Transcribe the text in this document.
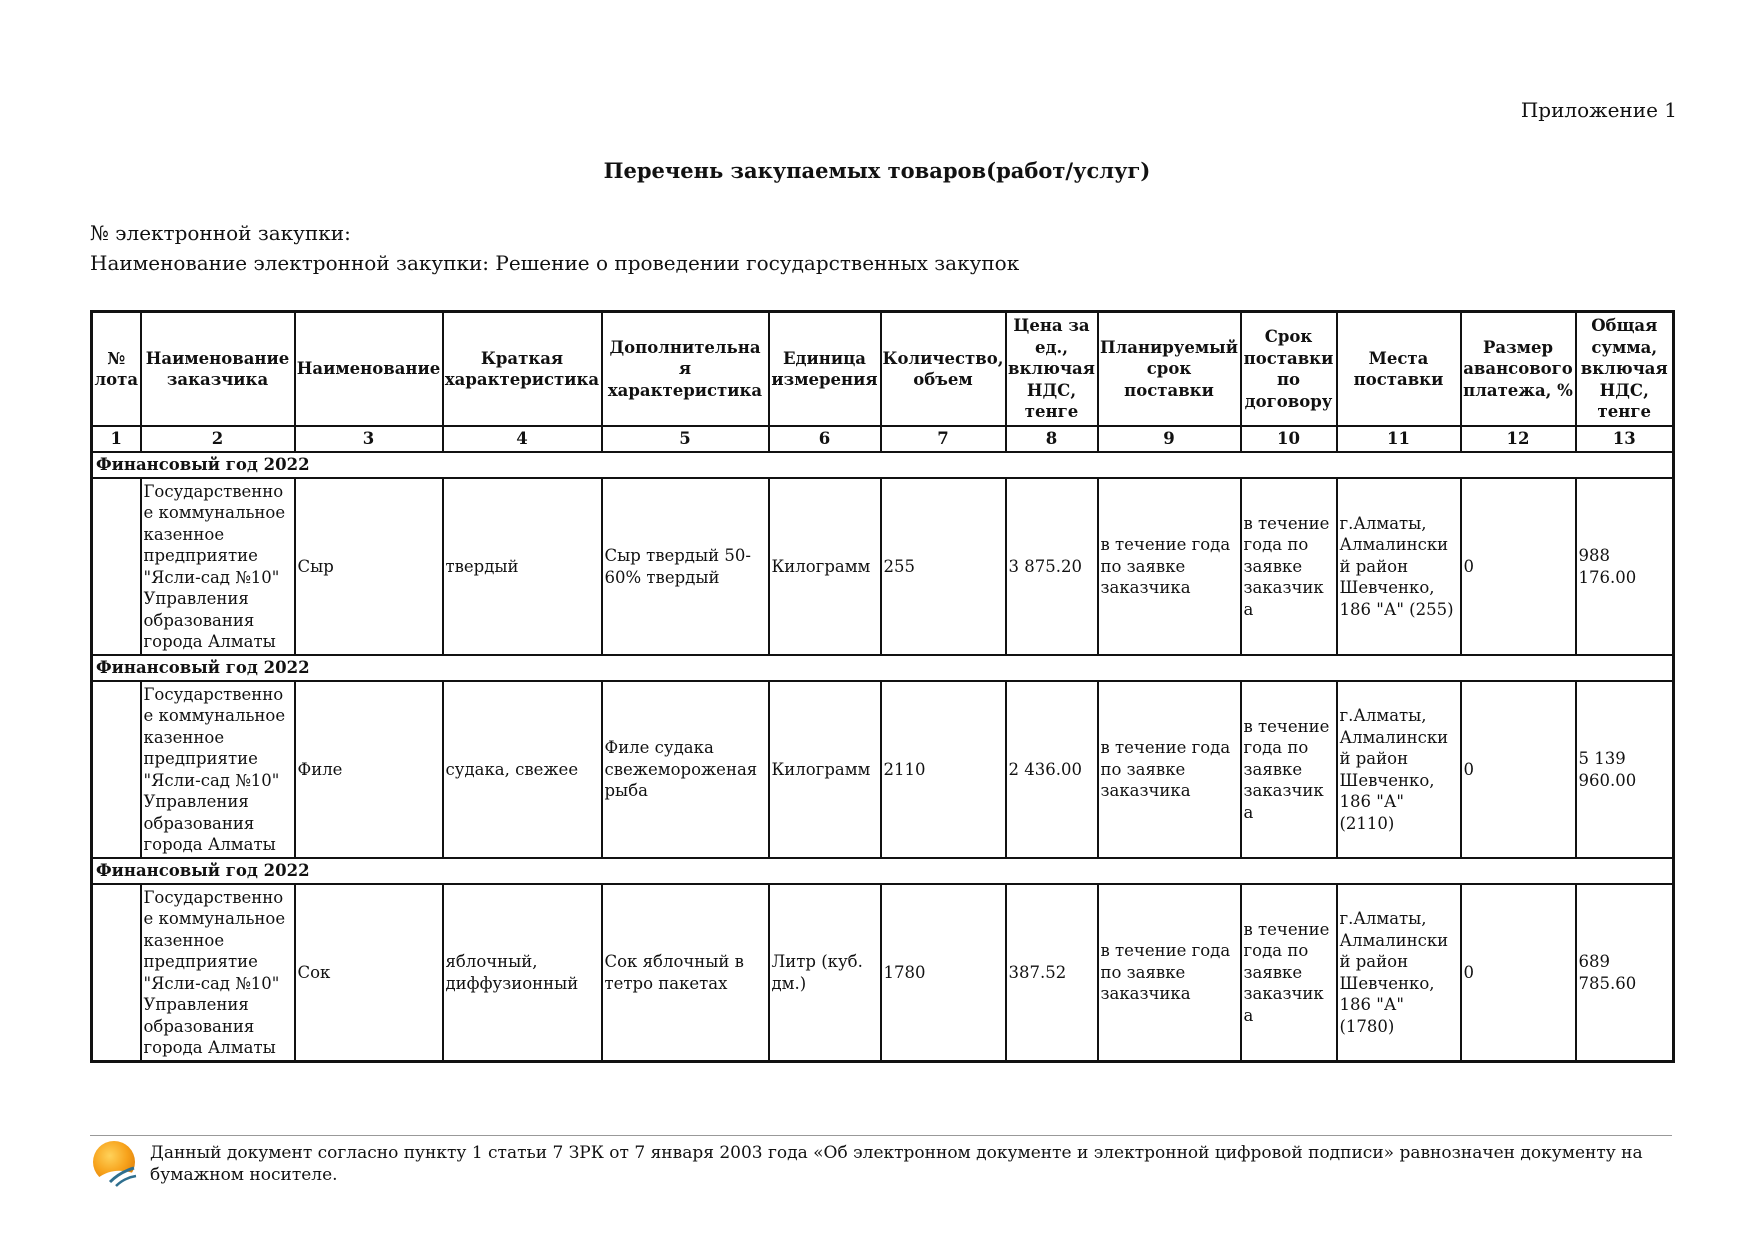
Приложение 1
Перечень закупаемых товаров(работ/услуг)
№ электронной закупки:
Наименование электронной закупки: Решение о проведении государственных закупок
№ лота	Наименование заказчика	Наименование	Краткая характеристика	Дополнительная характеристика	Единица измерения	Количество, объем	Цена за ед., включая НДС, тенге	Планируемый срок поставки	Срок поставки по договору	Места поставки	Размер авансового платежа, %	Общая сумма, включая НДС, тенге
1	2	3	4	5	6	7	8	9	10	11	12	13
Финансовый год 2022												
	Государственное коммунальное казенное предприятие "Ясли-сад №10" Управления образования города Алматы	Сыр	твердый	Сыр твердый 50-60% твердый	Килограмм	255	3 875.20	в течение года по заявке заказчика	в течение года по заявке заказчика	г.Алматы, Алмалинский район Шевченко, 186 "А" (255)	0	988 176.00
Финансовый год 2022												
	Государственное коммунальное казенное предприятие "Ясли-сад №10" Управления образования города Алматы	Филе	судака, свежее	Филе судака свежемороженая рыба	Килограмм	2110	2 436.00	в течение года по заявке заказчика	в течение года по заявке заказчика	г.Алматы, Алмалинский район Шевченко, 186 "А" (2110)	0	5 139 960.00
Финансовый год 2022												
	Государственное коммунальное казенное предприятие "Ясли-сад №10" Управления образования города Алматы	Сок	яблочный, диффузионный	Сок яблочный в тетро пакетах	Литр (куб. дм.)	1780	387.52	в течение года по заявке заказчика	в течение года по заявке заказчика	г.Алматы, Алмалинский район Шевченко, 186 "А" (1780)	0	689 785.60
Данный документ согласно пункту 1 статьи 7 ЗРК от 7 января 2003 года «Об электронном документе и электронной цифровой подписи» равнозначен документу на бумажном носителе.
